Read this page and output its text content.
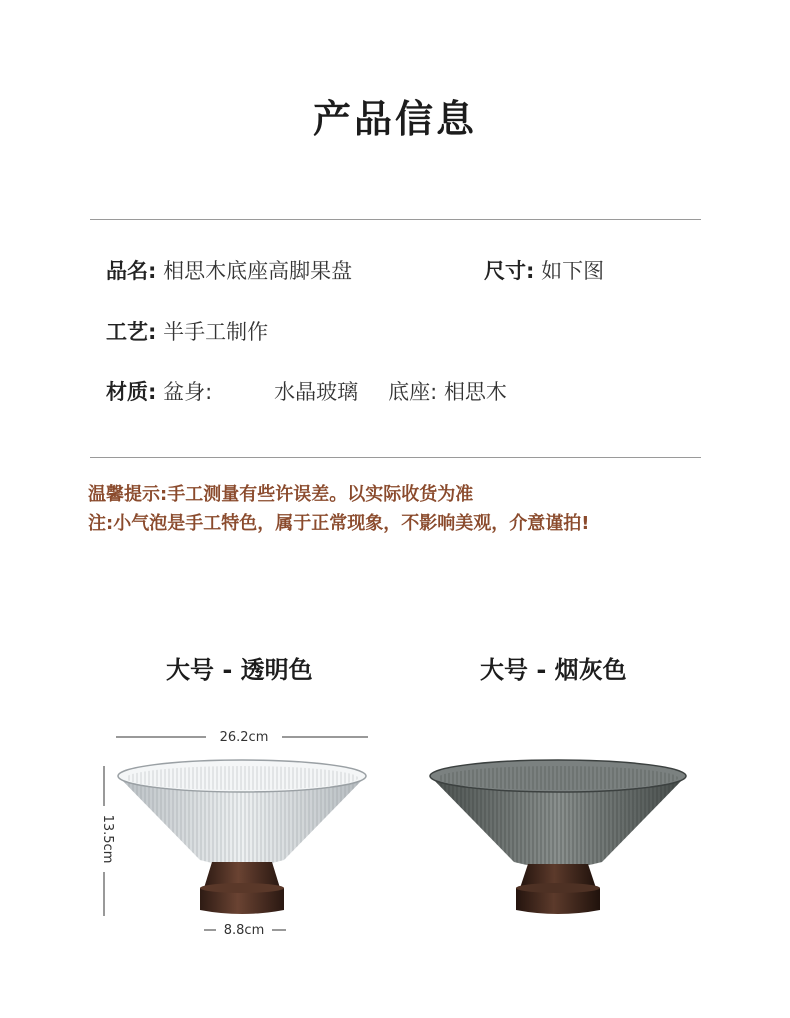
产品信息
品名: 相思木底座高脚果盘	尺寸: 如下图
工艺: 半手工制作
材质: 盆身:	水晶玻璃 底座: 相思木
温馨提示:手工测量有些许误差。以实际收货为准
注:小气泡是手工特色，属于正常现象，不影响美观，介意谨拍!
大号 - 透明色	大号 - 烟灰色
26.2cm
13.5cm
8.8cm
